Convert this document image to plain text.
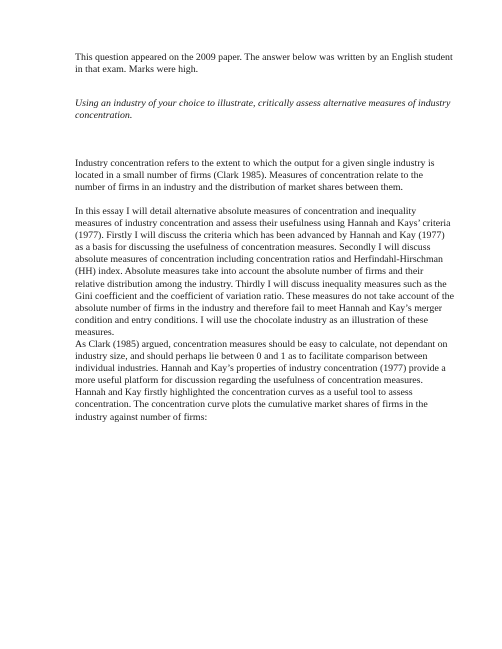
This question appeared on the 2009 paper. The answer below was written by an English student in that exam. Marks were high.

Using an industry of your choice to illustrate, critically assess alternative measures of industry concentration.

Industry concentration refers to the extent to which the output for a given single industry is located in a small number of firms (Clark 1985). Measures of concentration relate to the number of firms in an industry and the distribution of market shares between them.

In this essay I will detail alternative absolute measures of concentration and inequality measures of industry concentration and assess their usefulness using Hannah and Kays’ criteria (1977). Firstly I will discuss the criteria which has been advanced by Hannah and Kay (1977) as a basis for discussing the usefulness of concentration measures. Secondly I will discuss absolute measures of concentration including concentration ratios and Herfindahl-Hirschman (HH) index. Absolute measures take into account the absolute number of firms and their relative distribution among the industry. Thirdly I will discuss inequality measures such as the Gini coefficient and the coefficient of variation ratio. These measures do not take account of the absolute number of firms in the industry and therefore fail to meet Hannah and Kay’s merger condition and entry conditions. I will use the chocolate industry as an illustration of these measures.

As Clark (1985) argued, concentration measures should be easy to calculate, not dependant on industry size, and should perhaps lie between 0 and 1 as to facilitate comparison between individual industries. Hannah and Kay’s properties of industry concentration (1977) provide a more useful platform for discussion regarding the usefulness of concentration measures. Hannah and Kay firstly highlighted the concentration curves as a useful tool to assess concentration. The concentration curve plots the cumulative market shares of firms in the industry against number of firms:
